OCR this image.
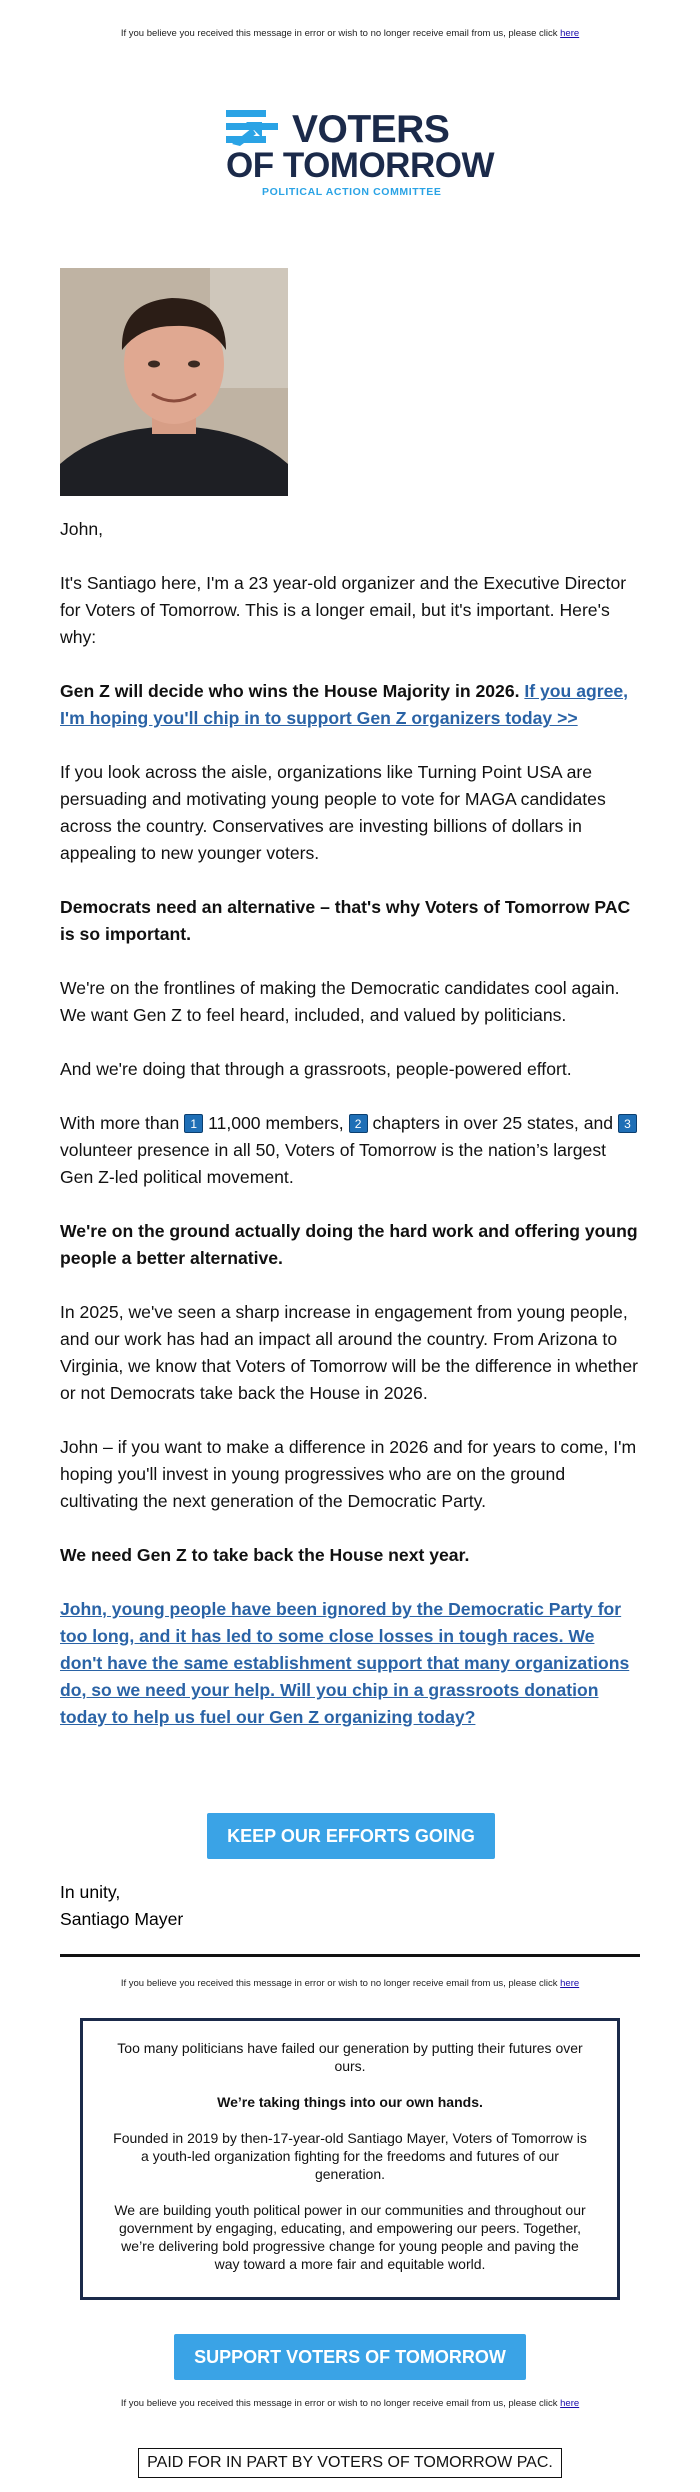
If you believe you received this message in error or wish to no longer receive email from us, please click here
VOTERS
OF TOMORROW
POLITICAL ACTION COMMITTEE

John,

It's Santiago here, I'm a 23 year-old organizer and the Executive Director for Voters of Tomorrow. This is a longer email, but it's important. Here's why:

Gen Z will decide who wins the House Majority in 2026. If you agree, I'm hoping you'll chip in to support Gen Z organizers today >>

If you look across the aisle, organizations like Turning Point USA are persuading and motivating young people to vote for MAGA candidates across the country. Conservatives are investing billions of dollars in appealing to new younger voters.

Democrats need an alternative – that's why Voters of Tomorrow PAC is so important.

We're on the frontlines of making the Democratic candidates cool again. We want Gen Z to feel heard, included, and valued by politicians.

And we're doing that through a grassroots, people-powered effort.

With more than 1 11,000 members, 2 chapters in over 25 states, and 3 volunteer presence in all 50, Voters of Tomorrow is the nation’s largest Gen Z-led political movement.

We're on the ground actually doing the hard work and offering young people a better alternative.

In 2025, we've seen a sharp increase in engagement from young people, and our work has had an impact all around the country. From Arizona to Virginia, we know that Voters of Tomorrow will be the difference in whether or not Democrats take back the House in 2026.

John – if you want to make a difference in 2026 and for years to come, I'm hoping you'll invest in young progressives who are on the ground cultivating the next generation of the Democratic Party.

We need Gen Z to take back the House next year.

John, young people have been ignored by the Democratic Party for too long, and it has led to some close losses in tough races. We don't have the same establishment support that many organizations do, so we need your help. Will you chip in a grassroots donation today to help us fuel our Gen Z organizing today?

KEEP OUR EFFORTS GOING
In unity,
Santiago Mayer
If you believe you received this message in error or wish to no longer receive email from us, please click here

Too many politicians have failed our generation by putting their futures over ours.

We’re taking things into our own hands.

Founded in 2019 by then-17-year-old Santiago Mayer, Voters of Tomorrow is a youth-led organization fighting for the freedoms and futures of our generation.

We are building youth political power in our communities and throughout our government by engaging, educating, and empowering our peers. Together, we’re delivering bold progressive change for young people and paving the way toward a more fair and equitable world.

SUPPORT VOTERS OF TOMORROW
If you believe you received this message in error or wish to no longer receive email from us, please click here
PAID FOR IN PART BY VOTERS OF TOMORROW PAC.
